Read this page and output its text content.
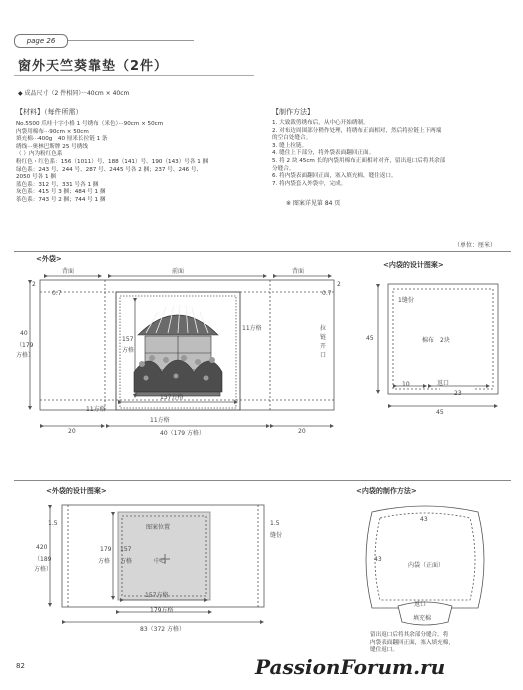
page 26
窗外天竺葵靠垫（2件）
◆ 成品尺寸（2 件相同）···40cm × 40cm
【材料】（每件所需）
No.5500 爪哇十字小格 1 号绣布（米色）···90cm × 50cm
内袋用棉布···90cm × 50cm
填充棉···400g　40 厘米长拉链 1 条
绣线···奥林巴斯牌 25 号绣线
（ ）内为粉红色系
粉红色・红色系：156（1011）号、188（141）号、190（143）号各 1 捆
绿色系：243 号、244 号、287 号、2445 号各 2 捆；237 号、246 号、
2050 号各 1 捆
蓝色系：312 号、331 号各 1 捆
灰色系：415 号 3 捆；484 号 1 捆
茶色系：743 号 2 捆；744 号 1 捆
【制作方法】
1. 大致裁剪绣布后，从中心开始绣制。
2. 对布边周围部分稍作处理，将绣布正面相对，然后将拉链上下两端
的空白处缝合。
3. 缝上拉链。
4. 缝住上下部分，将外袋表面翻回正面。
5. 将 2 块 45cm 长的内袋用棉布正面相对对齐，留出返口后将其余部
分缝合。
6. 将内袋表面翻回正面，塞入填充棉，缝住返口。
7. 将内袋套入外袋中，完成。
※ 图案详见第 84 页
（单位：厘米）
<外袋>
背面	前面	背面
2
0.7
2
0.7
40
（179
方格）
11方格
157
方格
11方格
157方格
11方格
拉
链
开
口
20	40（179 方格）	20
<内袋的设计图案>
1缝份
棉布　2块
45
返口
10
23
45
<外袋的设计图案>
1.5	1.5
缝份
420
（189
方格）
179
方格
157
方格
图案位置
中心
157方格
179方格
83（372 方格）
<内袋的制作方法>
43
43
内袋（正面）
返口
填充棉
留出返口后将其余部分缝合。将
内袋表面翻回正面，塞入填充棉，
缝住返口。
82	PassionForum.ru
